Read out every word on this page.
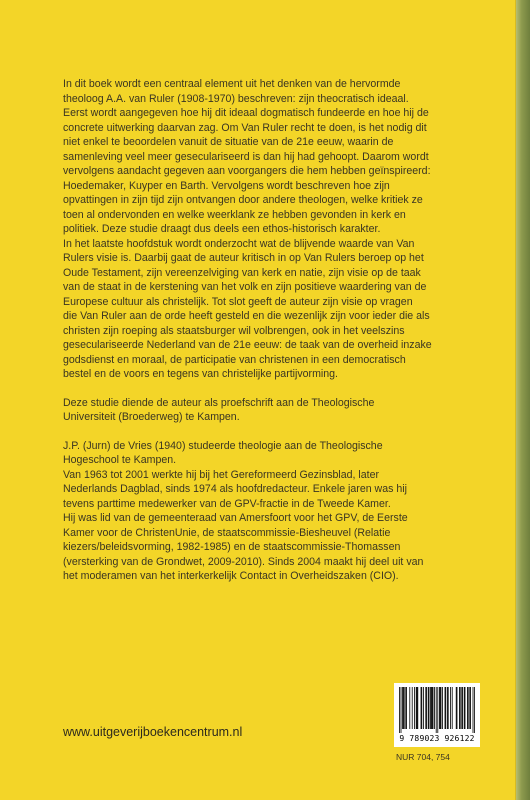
In dit boek wordt een centraal element uit het denken van de hervormde
theoloog A.A. van Ruler (1908-1970) beschreven: zijn theocratisch ideaal.
Eerst wordt aangegeven hoe hij dit ideaal dogmatisch fundeerde en hoe hij de
concrete uitwerking daarvan zag. Om Van Ruler recht te doen, is het nodig dit
niet enkel te beoordelen vanuit de situatie van de 21e eeuw, waarin de
samenleving veel meer geseculariseerd is dan hij had gehoopt. Daarom wordt
vervolgens aandacht gegeven aan voorgangers die hem hebben geïnspireerd:
Hoedemaker, Kuyper en Barth. Vervolgens wordt beschreven hoe zijn
opvattingen in zijn tijd zijn ontvangen door andere theologen, welke kritiek ze
toen al ondervonden en welke weerklank ze hebben gevonden in kerk en
politiek. Deze studie draagt dus deels een ethos-historisch karakter.
In het laatste hoofdstuk wordt onderzocht wat de blijvende waarde van Van
Rulers visie is. Daarbij gaat de auteur kritisch in op Van Rulers beroep op het
Oude Testament, zijn vereenzelviging van kerk en natie, zijn visie op de taak
van de staat in de kerstening van het volk en zijn positieve waardering van de
Europese cultuur als christelijk. Tot slot geeft de auteur zijn visie op vragen
die Van Ruler aan de orde heeft gesteld en die wezenlijk zijn voor ieder die als
christen zijn roeping als staatsburger wil volbrengen, ook in het veelszins
geseculariseerde Nederland van de 21e eeuw: de taak van de overheid inzake
godsdienst en moraal, de participatie van christenen in een democratisch
bestel en de voors en tegens van christelijke partijvorming.

Deze studie diende de auteur als proefschrift aan de Theologische
Universiteit (Broederweg) te Kampen.

J.P. (Jurn) de Vries (1940) studeerde theologie aan de Theologische
Hogeschool te Kampen.
Van 1963 tot 2001 werkte hij bij het Gereformeerd Gezinsblad, later
Nederlands Dagblad, sinds 1974 als hoofdredacteur. Enkele jaren was hij
tevens parttime medewerker van de GPV-fractie in de Tweede Kamer.
Hij was lid van de gemeenteraad van Amersfoort voor het GPV, de Eerste
Kamer voor de ChristenUnie, de staatscommissie-Biesheuvel (Relatie
kiezers/beleidsvorming, 1982-1985) en de staatscommissie-Thomassen
(versterking van de Grondwet, 2009-2010). Sinds 2004 maakt hij deel uit van
het moderamen van het interkerkelijk Contact in Overheidszaken (CIO).

www.uitgeverijboekencentrum.nl	9 789023 926122
NUR 704, 754
